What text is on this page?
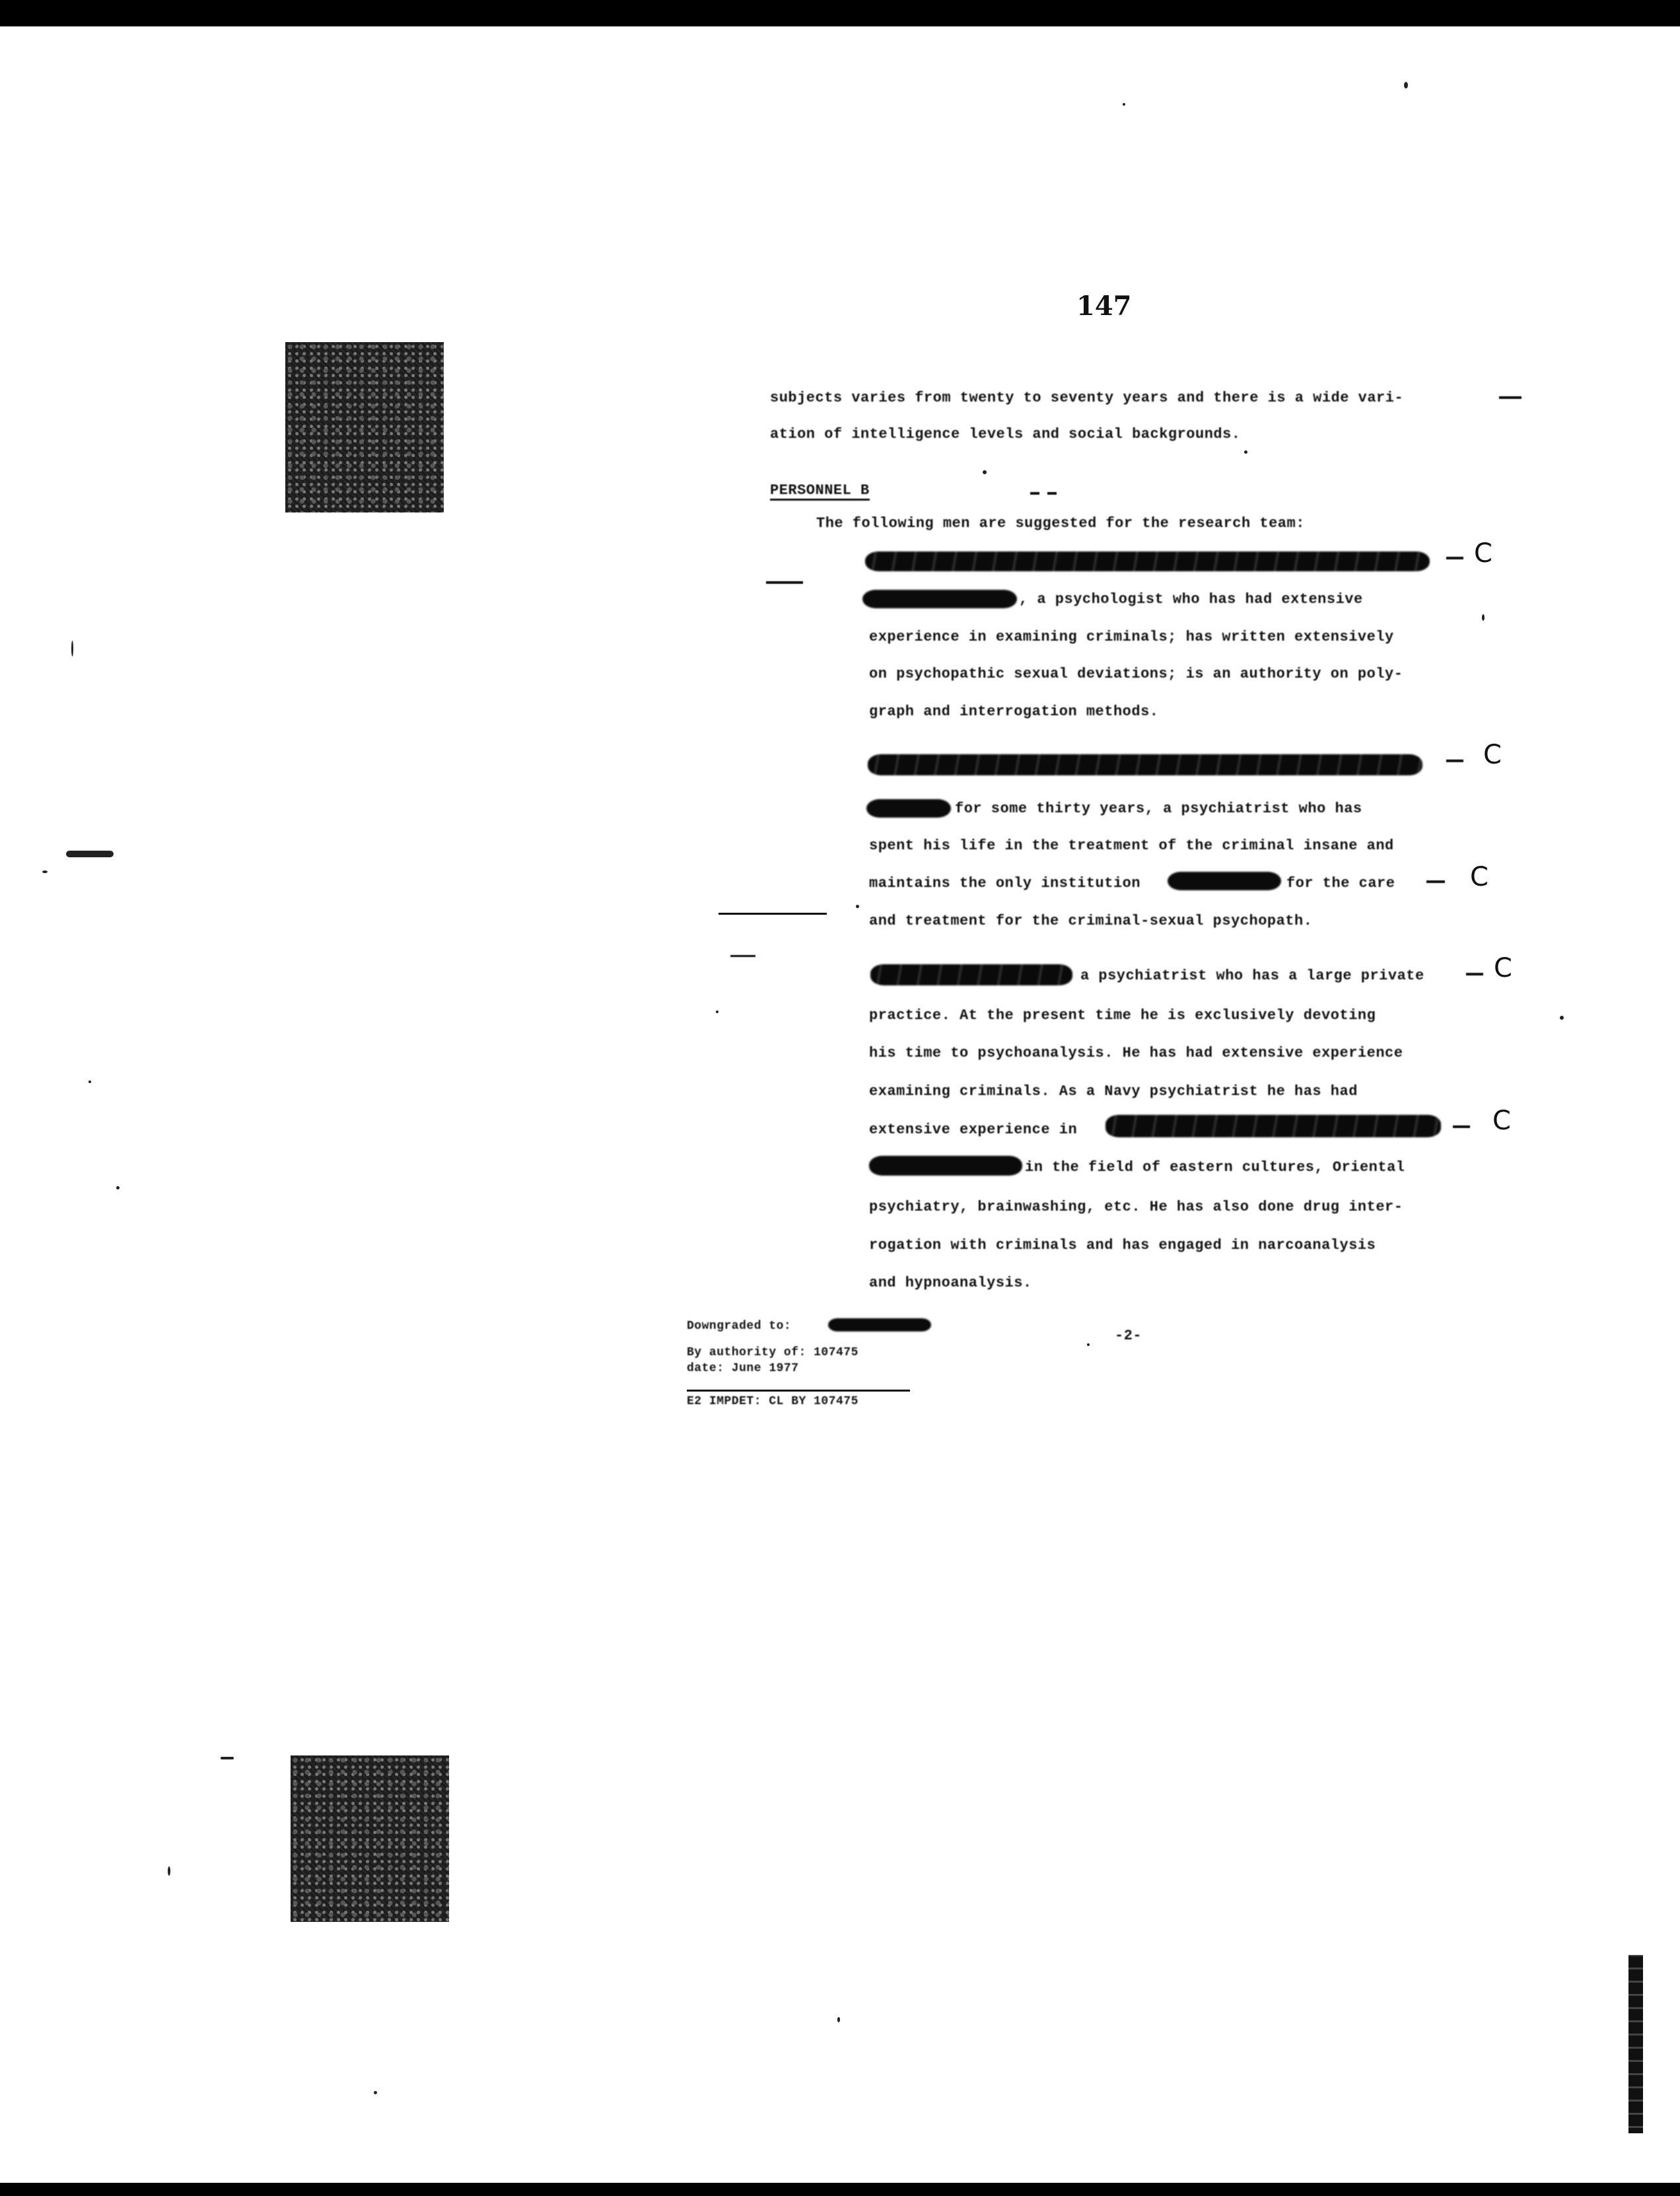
147
subjects varies from twenty to seventy years and there is a wide vari-
ation of intelligence levels and social backgrounds.
PERSONNEL B
The following men are suggested for the research team:
C
, a psychologist who has had extensive
experience in examining criminals; has written extensively
on psychopathic sexual deviations; is an authority on poly-
graph and interrogation methods.
C
for some thirty years, a psychiatrist who has
spent his life in the treatment of the criminal insane and
maintains the only institution	for the care	C
and treatment for the criminal-sexual psychopath.
a psychiatrist who has a large private	C
practice. At the present time he is exclusively devoting
his time to psychoanalysis. He has had extensive experience
examining criminals. As a Navy psychiatrist he has had
extensive experience in	C
in the field of eastern cultures, Oriental
psychiatry, brainwashing, etc. He has also done drug inter-
rogation with criminals and has engaged in narcoanalysis
and hypnoanalysis.
Downgraded to:
By authority of: 107475
date: June 1977
E2 IMPDET: CL BY 107475
-2-
